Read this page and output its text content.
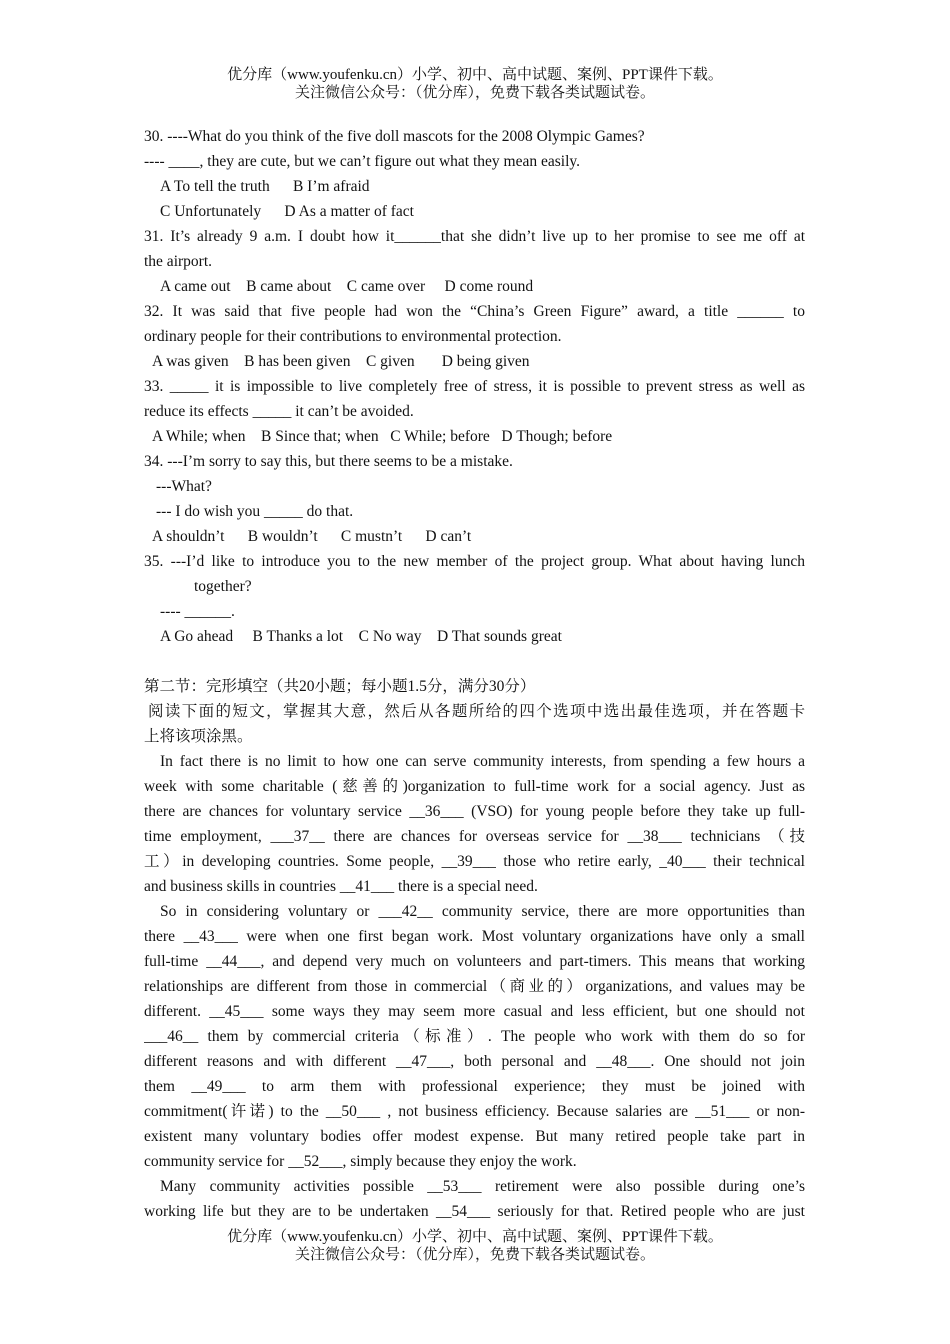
优分库（www.youfenku.cn）小学、初中、高中试题、案例、PPT课件下载。
关注微信公众号：（优分库），免费下载各类试题试卷。
30. ----What do you think of the five doll mascots for the 2008 Olympic Games?
---- ____, they are cute, but we can’t figure out what they mean easily.
A To tell the truth      B I’m afraid
C Unfortunately      D As a matter of fact
31. It’s already 9 a.m. I doubt how it______that she didn’t live up to her promise to see me off at
the airport.
A came out    B came about    C came over     D come round
32. It was said that five people had won the “China’s Green Figure” award, a title ______ to
ordinary people for their contributions to environmental protection.
A was given    B has been given    C given       D being given
33. _____ it is impossible to live completely free of stress, it is possible to prevent stress as well as
reduce its effects _____ it can’t be avoided.
A While; when    B Since that; when   C While; before   D Though; before
34. ---I’m sorry to say this, but there seems to be a mistake.
---What?
--- I do wish you _____ do that.
A shouldn’t      B wouldn’t      C mustn’t      D can’t
35. ---I’d like to introduce you to the new member of the project group. What about having lunch
together?
---- ______.
A Go ahead     B Thanks a lot    C No way    D That sounds great
第二节：完形填空（共20小题；每小题1.5分，满分30分）
阅读下面的短文，掌握其大意，然后从各题所给的四个选项中选出最佳选项，并在答题卡
上将该项涂黑。
In fact there is no limit to how one can serve community interests, from spending a few hours a
week with some charitable (慈善的)organization to full-time work for a social agency. Just as
there are chances for voluntary service __36___ (VSO) for young people before they take up full-
time employment, ___37__ there are chances for overseas service for __38___ technicians （技
工）in developing countries. Some people, __39___ those who retire early, _40___ their technical
and business skills in countries __41___ there is a special need.
So in considering voluntary or ___42__ community service, there are more opportunities than
there __43___ were when one first began work. Most voluntary organizations have only a small
full-time __44___, and depend very much on volunteers and part-timers. This means that working
relationships are different from those in commercial（商业的）organizations, and values may be
different. __45___ some ways they may seem more casual and less efficient, but one should not
___46__ them by commercial criteria（标准）. The people who work with them do so for
different reasons and with different __47___, both personal and __48___. One should not join
them __49___ to arm them with professional experience; they must be joined with
commitment(许诺) to the __50___ , not business efficiency. Because salaries are __51___ or non-
existent many voluntary bodies offer modest expense. But many retired people take part in
community service for __52___, simply because they enjoy the work.
Many community activities possible __53___ retirement were also possible during one’s
working life but they are to be undertaken __54___ seriously for that. Retired people who are just
优分库（www.youfenku.cn）小学、初中、高中试题、案例、PPT课件下载。
关注微信公众号：（优分库），免费下载各类试题试卷。
